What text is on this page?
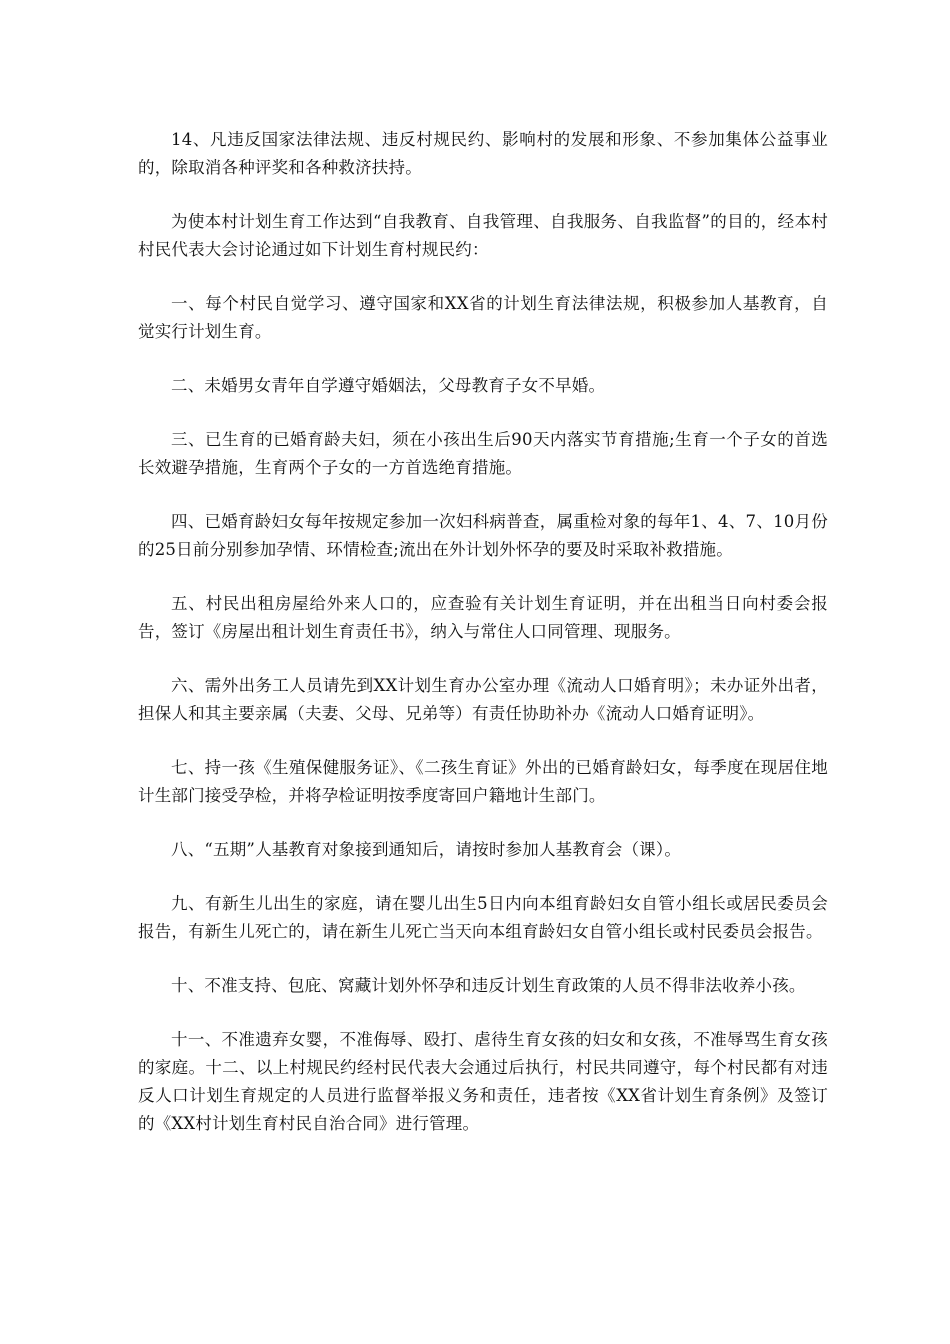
14、凡违反国家法律法规、违反村规民约、影响村的发展和形象、不参加集体公益事业的，除取消各种评奖和各种救济扶持。

为使本村计划生育工作达到“自我教育、自我管理、自我服务、自我监督”的目的，经本村村民代表大会讨论通过如下计划生育村规民约：

一、每个村民自觉学习、遵守国家和XX省的计划生育法律法规，积极参加人基教育，自觉实行计划生育。

二、未婚男女青年自学遵守婚姻法，父母教育子女不早婚。

三、已生育的已婚育龄夫妇，须在小孩出生后90天内落实节育措施;生育一个子女的首选长效避孕措施，生育两个子女的一方首选绝育措施。

四、已婚育龄妇女每年按规定参加一次妇科病普查，属重检对象的每年1、4、7、10月份的25日前分别参加孕情、环情检查;流出在外计划外怀孕的要及时采取补救措施。

五、村民出租房屋给外来人口的，应查验有关计划生育证明，并在出租当日向村委会报告，签订《房屋出租计划生育责任书》，纳入与常住人口同管理、现服务。

六、需外出务工人员请先到XX计划生育办公室办理《流动人口婚育明》；未办证外出者，担保人和其主要亲属（夫妻、父母、兄弟等）有责任协助补办《流动人口婚育证明》。

七、持一孩《生殖保健服务证》、《二孩生育证》外出的已婚育龄妇女，每季度在现居住地计生部门接受孕检，并将孕检证明按季度寄回户籍地计生部门。

八、“五期”人基教育对象接到通知后，请按时参加人基教育会（课）。

九、有新生儿出生的家庭，请在婴儿出生5日内向本组育龄妇女自管小组长或居民委员会报告，有新生儿死亡的，请在新生儿死亡当天向本组育龄妇女自管小组长或村民委员会报告。

十、不准支持、包庇、窝藏计划外怀孕和违反计划生育政策的人员不得非法收养小孩。

十一、不准遗弃女婴，不准侮辱、殴打、虐待生育女孩的妇女和女孩，不准辱骂生育女孩的家庭。十二、以上村规民约经村民代表大会通过后执行，村民共同遵守，每个村民都有对违反人口计划生育规定的人员进行监督举报义务和责任，违者按《XX省计划生育条例》及签订的《XX村计划生育村民自治合同》进行管理。
